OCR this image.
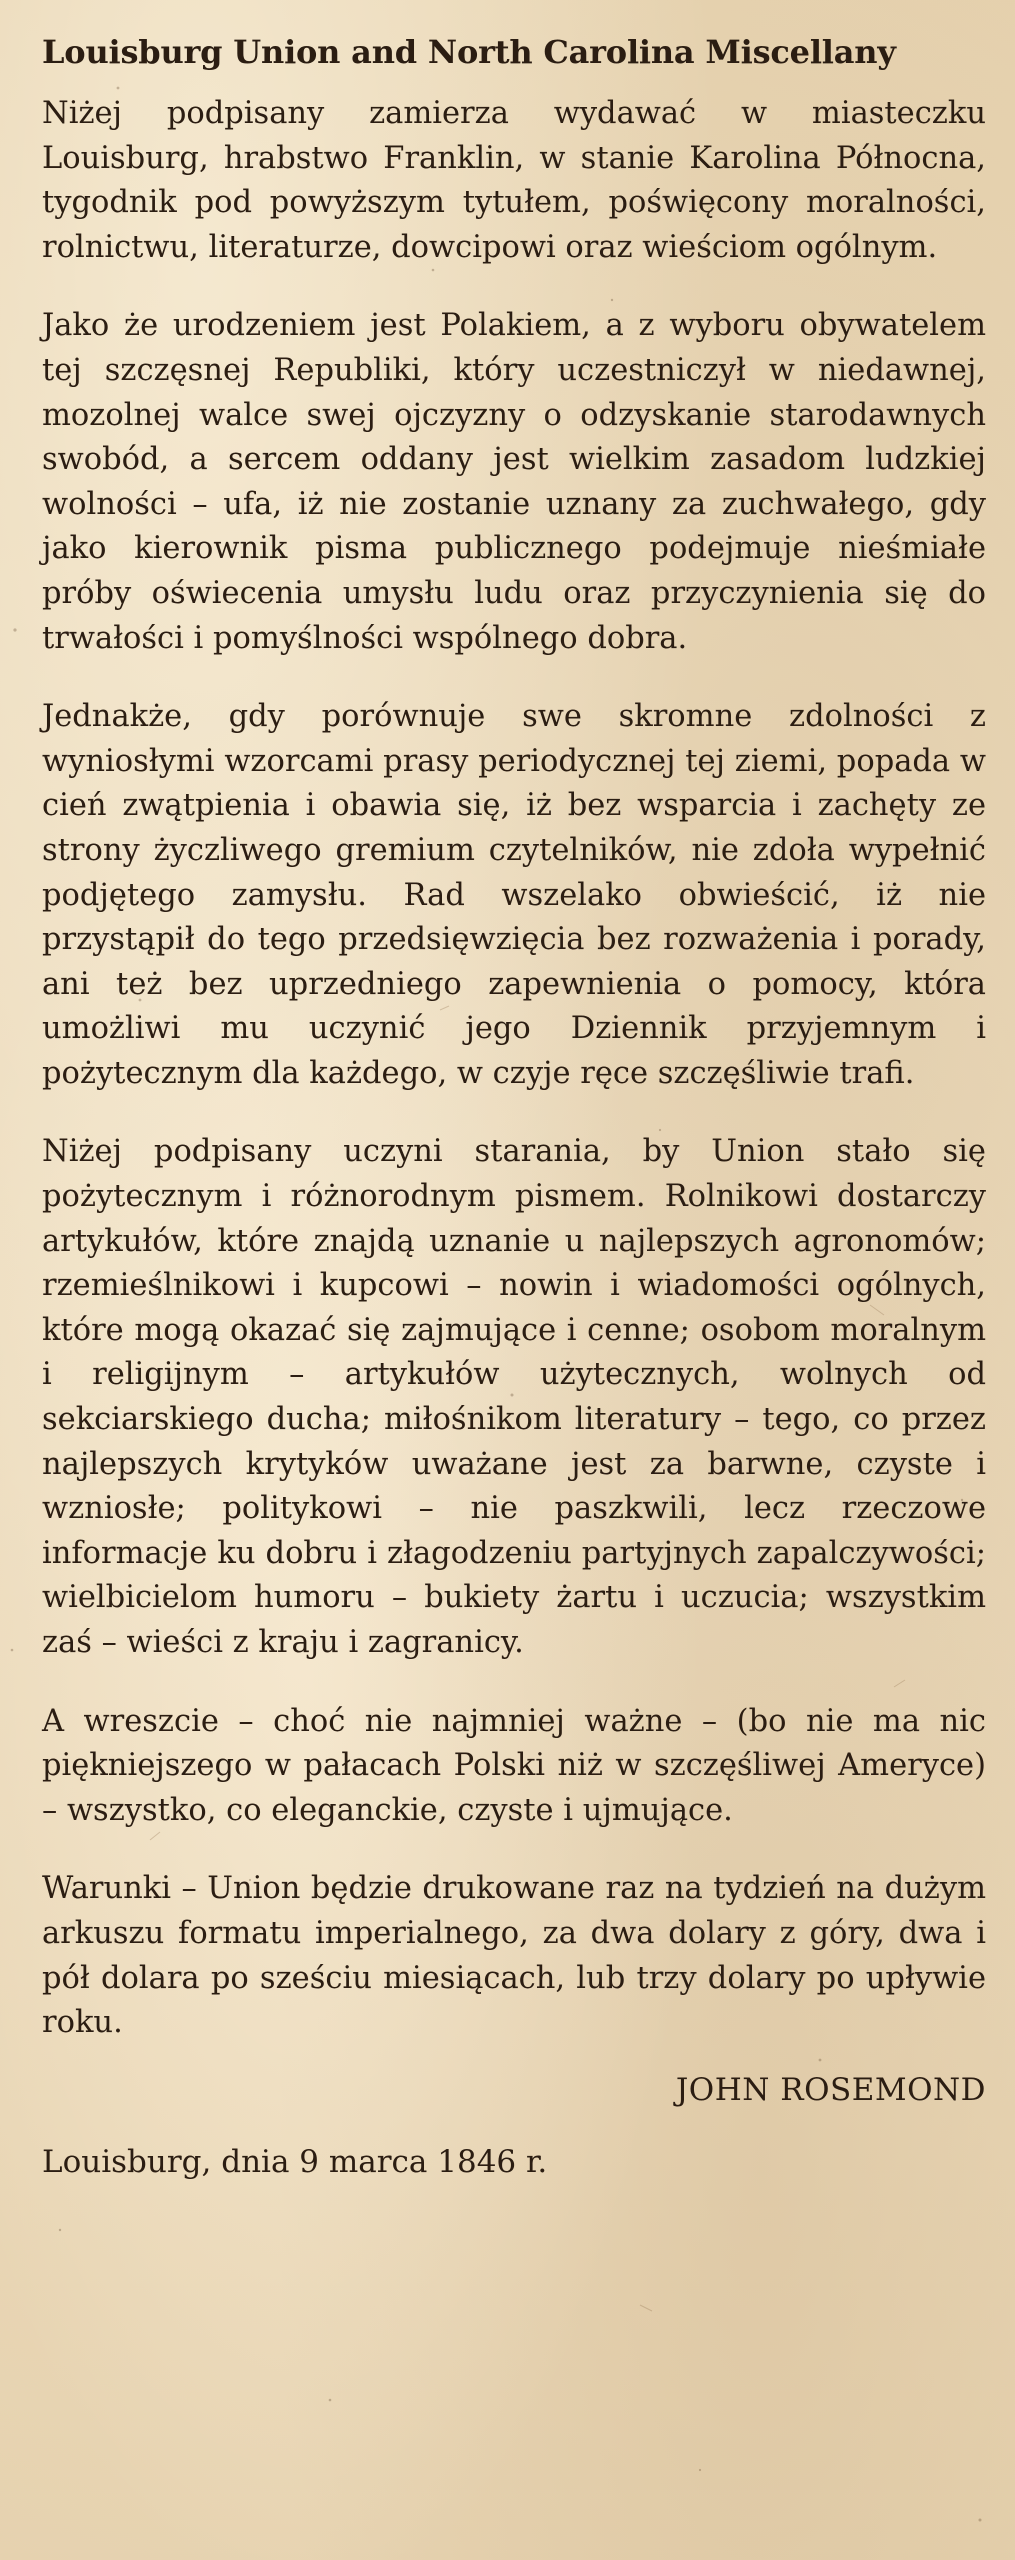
Louisburg Union and North Carolina Miscellany

Niżej podpisany zamierza wydawać w miasteczku Louisburg, hrabstwo Franklin, w stanie Karolina Północna, tygodnik pod powyższym tytułem, poświęcony moralności, rolnictwu, literaturze, dowcipowi oraz wieściom ogólnym.

Jako że urodzeniem jest Polakiem, a z wyboru obywatelem tej szczęsnej Republiki, który uczestniczył w niedawnej, mozolnej walce swej ojczyzny o odzyskanie starodawnych swobód, a sercem oddany jest wielkim zasadom ludzkiej wolności – ufa, iż nie zostanie uznany za zuchwałego, gdy jako kierownik pisma publicznego podejmuje nieśmiałe próby oświecenia umysłu ludu oraz przyczynienia się do trwałości i pomyślności wspólnego dobra.

Jednakże, gdy porównuje swe skromne zdolności z wyniosłymi wzorcami prasy periodycznej tej ziemi, popada w cień zwątpienia i obawia się, iż bez wsparcia i zachęty ze strony życzliwego gremium czytelników, nie zdoła wypełnić podjętego zamysłu. Rad wszelako obwieścić, iż nie przystąpił do tego przedsięwzięcia bez rozważenia i porady, ani też bez uprzedniego zapewnienia o pomocy, która umożliwi mu uczynić jego Dziennik przyjemnym i pożytecznym dla każdego, w czyje ręce szczęśliwie trafi.

Niżej podpisany uczyni starania, by Union stało się pożytecznym i różnorodnym pismem. Rolnikowi dostarczy artykułów, które znajdą uznanie u najlepszych agronomów; rzemieślnikowi i kupcowi – nowin i wiadomości ogólnych, które mogą okazać się zajmujące i cenne; osobom moralnym i religijnym – artykułów użytecznych, wolnych od sekciarskiego ducha; miłośnikom literatury – tego, co przez najlepszych krytyków uważane jest za barwne, czyste i wzniosłe; politykowi – nie paszkwili, lecz rzeczowe informacje ku dobru i złagodzeniu partyjnych zapalczywości; wielbicielom humoru – bukiety żartu i uczucia; wszystkim zaś – wieści z kraju i zagranicy.

A wreszcie – choć nie najmniej ważne – (bo nie ma nic piękniejszego w pałacach Polski niż w szczęśliwej Ameryce) – wszystko, co eleganckie, czyste i ujmujące.

Warunki – Union będzie drukowane raz na tydzień na dużym arkuszu formatu imperialnego, za dwa dolary z góry, dwa i pół dolara po sześciu miesiącach, lub trzy dolary po upływie roku.

JOHN ROSEMOND

Louisburg, dnia 9 marca 1846 r.
